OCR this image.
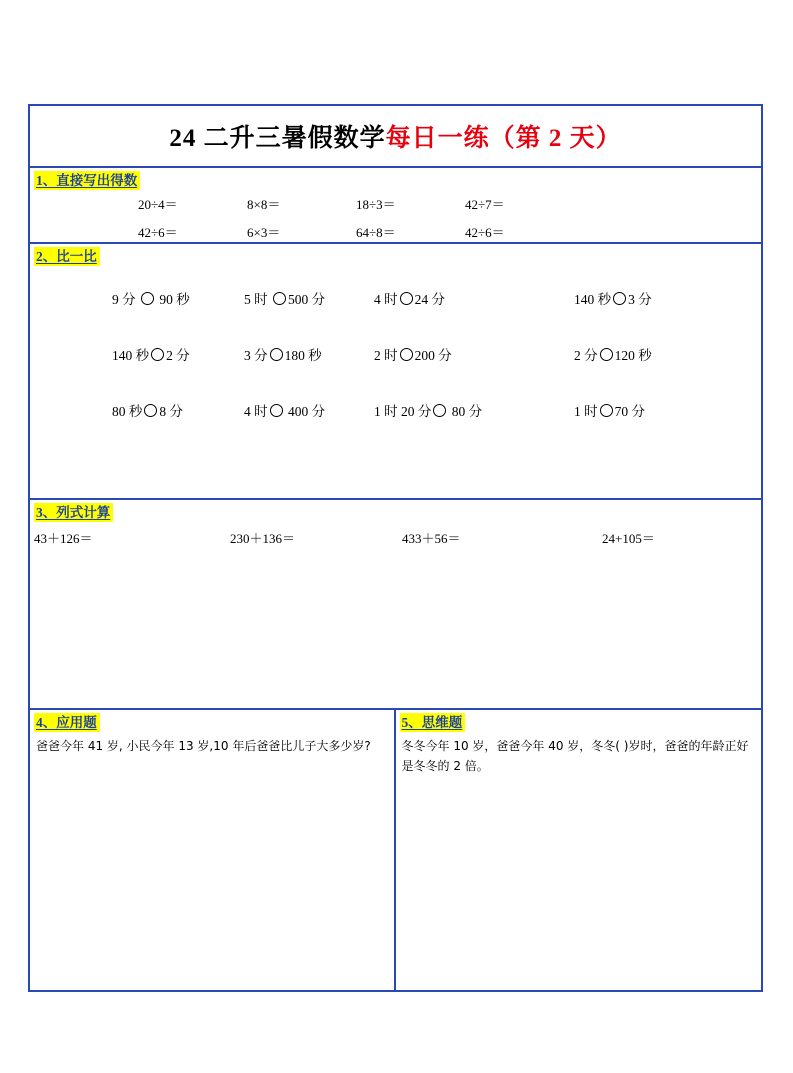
24 二升三暑假数学每日一练（第 2 天）
1、直接写出得数
20÷4＝	8×8＝	18÷3＝	42÷7＝
42÷6＝	6×3＝	64÷8＝	42÷6＝
2、比一比
9 分 90 秒	5 时 500 分	4 时 24 分	140 秒 3 分
140 秒 2 分	3 分 180 秒	2 时 200 分	2 分 120 秒
80 秒 8 分	4 时 400 分	1 时 20 分 80 分	1 时 70 分
3、列式计算
43＋126＝	230＋136＝	433＋56＝	24+105＝
4、应用题
爸爸今年 41 岁, 小民今年 13 岁,10 年后爸爸比儿子大多少岁?
5、思维题
冬冬今年 10 岁，爸爸今年 40 岁，冬冬( )岁时，爸爸的年龄正好是冬冬的 2 倍。
